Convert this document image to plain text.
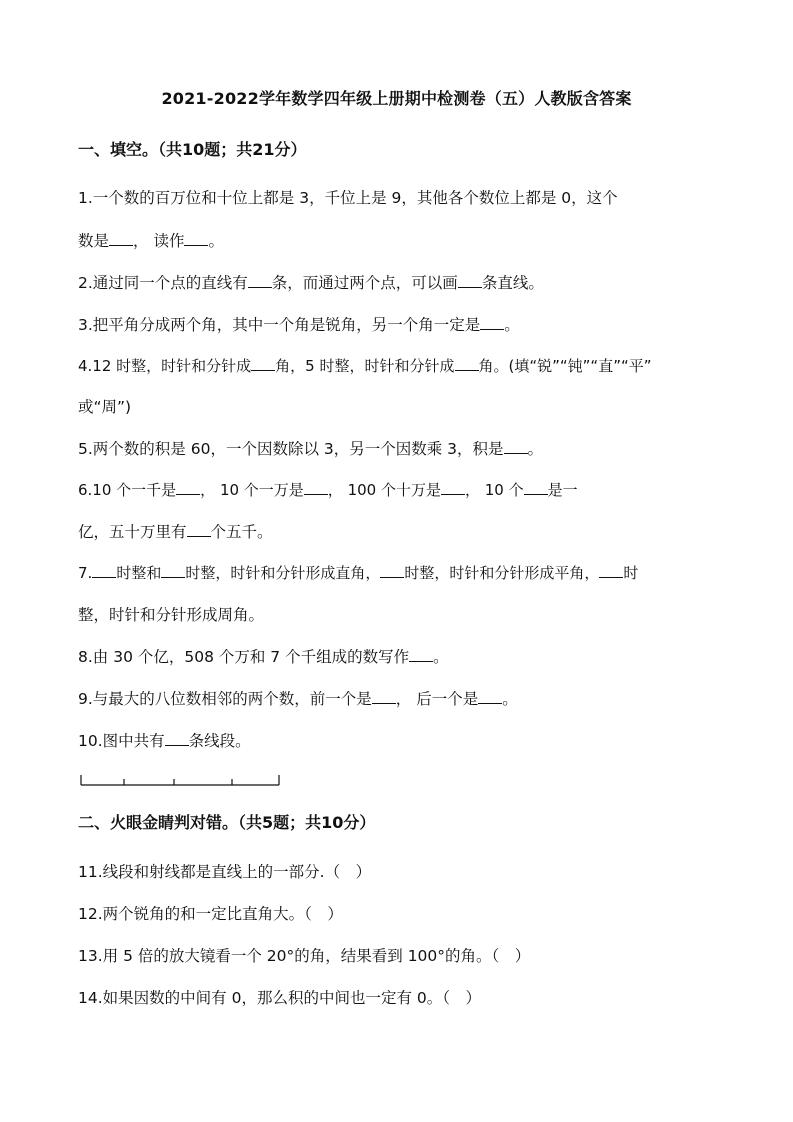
2021-2022学年数学四年级上册期中检测卷（五）人教版含答案
一、填空。（共10题；共21分）
1.一个数的百万位和十位上都是 3，千位上是 9，其他各个数位上都是 0，这个
数是 ， 读作 。
2.通过同一个点的直线有 条，而通过两个点，可以画 条直线。
3.把平角分成两个角，其中一个角是锐角，另一个角一定是 。
4.12 时整，时针和分针成 角，5 时整，时针和分针成 角。(填“锐”“钝”“直”“平”
或“周”)
5.两个数的积是 60，一个因数除以 3，另一个因数乘 3，积是 。
6.10 个一千是 ， 10 个一万是 ， 100 个十万是 ， 10 个 是一
亿，五十万里有 个五千。
7. 时整和 时整，时针和分针形成直角， 时整，时针和分针形成平角， 时
整，时针和分针形成周角。
8.由 30 个亿，508 个万和 7 个千组成的数写作 。
9.与最大的八位数相邻的两个数，前一个是 ， 后一个是 。
10.图中共有 条线段。
二、火眼金睛判对错。（共5题；共10分）
11.线段和射线都是直线上的一部分.（　）
12.两个锐角的和一定比直角大。（　）
13.用 5 倍的放大镜看一个 20°的角，结果看到 100°的角。（　）
14.如果因数的中间有 0，那么积的中间也一定有 0。（　）
